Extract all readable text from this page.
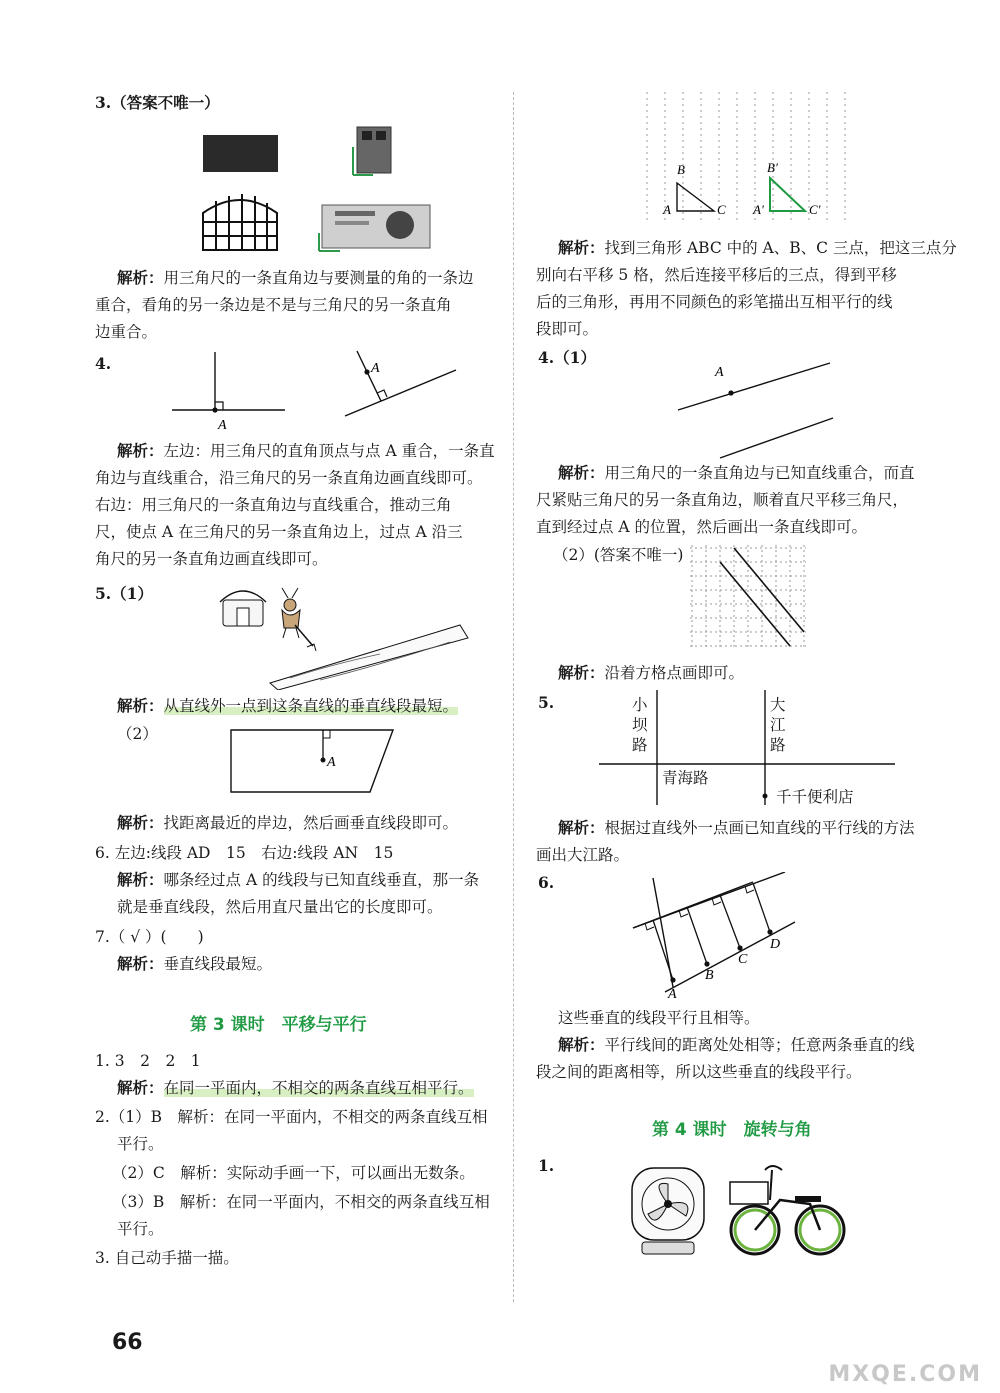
3.（答案不唯一）
解析：用三角尺的一条直角边与要测量的角的一条边
重合，看角的另一条边是不是与三角尺的另一条直角
边重合。
4.
A
A
解析：左边：用三角尺的直角顶点与点 A 重合，一条直
角边与直线重合，沿三角尺的另一条直角边画直线即可。
右边：用三角尺的一条直角边与直线重合，推动三角
尺，使点 A 在三角尺的另一条直角边上，过点 A 沿三
角尺的另一条直角边画直线即可。
5.（1）
解析：从直线外一点到这条直线的垂直线段最短。
（2）
A
解析：找距离最近的岸边，然后画垂直线段即可。
6. 左边:线段 AD　15　右边:线段 AN　15
解析：哪条经过点 A 的线段与已知直线垂直，那一条
就是垂直线段，然后用直尺量出它的长度即可。
7.（ √ ）(　　)
解析：垂直线段最短。
第 3 课时　平移与平行
1. 3　2　2　1
解析：在同一平面内，不相交的两条直线互相平行。
2.（1）B　解析：在同一平面内，不相交的两条直线互相
平行。
（2）C　解析：实际动手画一下，可以画出无数条。
（3）B　解析：在同一平面内，不相交的两条直线互相
平行。
3. 自己动手描一描。
66
B
A	C
B'
A'	C'
解析：找到三角形 ABC 中的 A、B、C 三点，把这三点分
别向右平移 5 格，然后连接平移后的三点，得到平移
后的三角形，再用不同颜色的彩笔描出互相平行的线
段即可。
4.（1）
A
解析：用三角尺的一条直角边与已知直线重合，而直
尺紧贴三角尺的另一条直角边，顺着直尺平移三角尺，
直到经过点 A 的位置，然后画出一条直线即可。
（2）(答案不唯一)
解析：沿着方格点画即可。
5.	小坝路
大江路
青海路
千千便利店
解析：根据过直线外一点画已知直线的平行线的方法
画出大江路。
6.
A
B
C
D
这些垂直的线段平行且相等。
解析：平行线间的距离处处相等；任意两条垂直的线
段之间的距离相等，所以这些垂直的线段平行。
第 4 课时　旋转与角
1.
MXQE.COM
